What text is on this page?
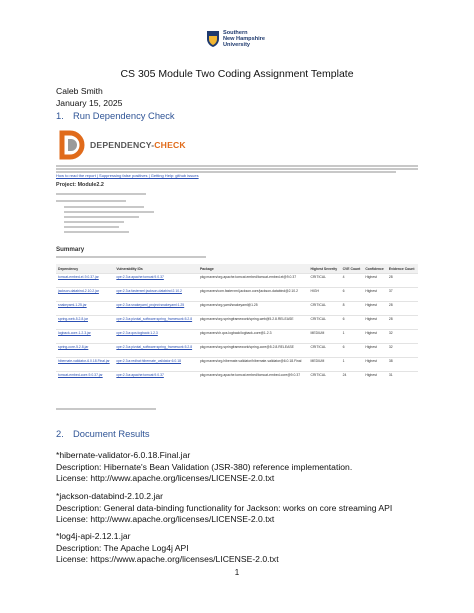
Southern
New Hampshire
University
CS 305 Module Two Coding Assignment Template
Caleb Smith
January 15, 2025
1. Run Dependency Check
DEPENDENCY-CHECK
How to read the report | Suppressing false positives | Getting Help: github issues
Project: Module2.2
Summary
Dependency	Vulnerability IDs	Package	Highest Severity	CVE Count	Confidence	Evidence Count
tomcat-embed-el-9.0.37.jar	cpe:2.3:a:apache:tomcat:9.0.37	pkg:maven/org.apache.tomcat.embed/tomcat-embed-el@9.0.37	CRITICAL	4	Highest	28
jackson-databind-2.10.2.jar	cpe:2.3:a:fasterxml:jackson-databind:2.10.2	pkg:maven/com.fasterxml.jackson.core/jackson-databind@2.10.2	HIGH	6	Highest	37
snakeyaml-1.25.jar	cpe:2.3:a:snakeyaml_project:snakeyaml:1.25	pkg:maven/org.yaml/snakeyaml@1.25	CRITICAL	8	Highest	28
spring-web-5.2.8.jar	cpe:2.3:a:pivotal_software:spring_framework:5.2.8	pkg:maven/org.springframework/spring-web@5.2.8.RELEASE	CRITICAL	6	Highest	28
logback-core-1.2.3.jar	cpe:2.3:a:qos:logback:1.2.3	pkg:maven/ch.qos.logback/logback-core@1.2.3	MEDIUM	1	Highest	32
spring-core-5.2.8.jar	cpe:2.3:a:pivotal_software:spring_framework:5.2.8	pkg:maven/org.springframework/spring-core@5.2.8.RELEASE	CRITICAL	6	Highest	32
hibernate-validator-6.0.18.Final.jar	cpe:2.3:a:redhat:hibernate_validator:6.0.18	pkg:maven/org.hibernate.validator/hibernate-validator@6.0.18.Final	MEDIUM	1	Highest	38
tomcat-embed-core-9.0.37.jar	cpe:2.3:a:apache:tomcat:9.0.37	pkg:maven/org.apache.tomcat.embed/tomcat-embed-core@9.0.37	CRITICAL	24	Highest	31
2. Document Results
*hibernate-validator-6.0.18.Final.jar
Description: Hibernate's Bean Validation (JSR-380) reference implementation.
License: http://www.apache.org/licenses/LICENSE-2.0.txt
*jackson-databind-2.10.2.jar
Description: General data-binding functionality for Jackson: works on core streaming API
License: http://www.apache.org/licenses/LICENSE-2.0.txt
*log4j-api-2.12.1.jar
Description: The Apache Log4j API
License: https://www.apache.org/licenses/LICENSE-2.0.txt
1
